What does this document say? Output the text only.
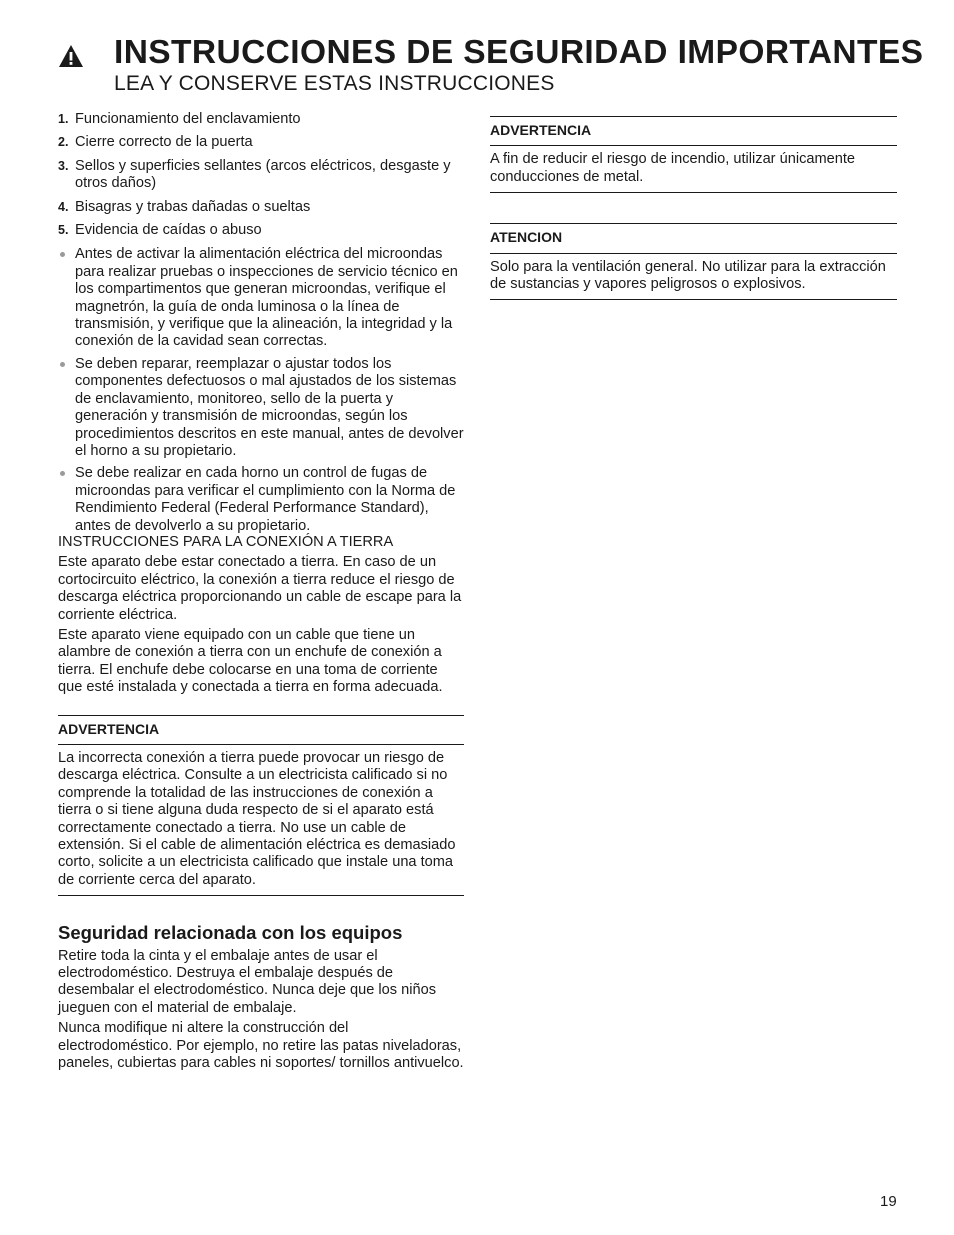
INSTRUCCIONES DE SEGURIDAD IMPORTANTES
LEA Y CONSERVE ESTAS INSTRUCCIONES
1. Funcionamiento del enclavamiento
2. Cierre correcto de la puerta
3. Sellos y superficies sellantes (arcos eléctricos, desgaste y otros daños)
4. Bisagras y trabas dañadas o sueltas
5. Evidencia de caídas o abuso
Antes de activar la alimentación eléctrica del microondas para realizar pruebas o inspecciones de servicio técnico en los compartimentos que generan microondas, verifique el magnetrón, la guía de onda luminosa o la línea de transmisión, y verifique que la alineación, la integridad y la conexión de la cavidad sean correctas.
Se deben reparar, reemplazar o ajustar todos los componentes defectuosos o mal ajustados de los sistemas de enclavamiento, monitoreo, sello de la puerta y generación y transmisión de microondas, según los procedimientos descritos en este manual, antes de devolver el horno a su propietario.
Se debe realizar en cada horno un control de fugas de microondas para verificar el cumplimiento con la Norma de Rendimiento Federal (Federal Performance Standard), antes de devolverlo a su propietario.

INSTRUCCIONES PARA LA CONEXIÓN A TIERRA

Este aparato debe estar conectado a tierra. En caso de un cortocircuito eléctrico, la conexión a tierra reduce el riesgo de descarga eléctrica proporcionando un cable de escape para la corriente eléctrica.

Este aparato viene equipado con un cable que tiene un alambre de conexión a tierra con un enchufe de conexión a tierra. El enchufe debe colocarse en una toma de corriente que esté instalada y conectada a tierra en forma adecuada.

ADVERTENCIA
La incorrecta conexión a tierra puede provocar un riesgo de descarga eléctrica. Consulte a un electricista calificado si no comprende la totalidad de las instrucciones de conexión a tierra o si tiene alguna duda respecto de si el aparato está correctamente conectado a tierra. No use un cable de extensión. Si el cable de alimentación eléctrica es demasiado corto, solicite a un electricista calificado que instale una toma de corriente cerca del aparato.
Seguridad relacionada con los equipos

Retire toda la cinta y el embalaje antes de usar el electrodoméstico. Destruya el embalaje después de desembalar el electrodoméstico. Nunca deje que los niños jueguen con el material de embalaje.

Nunca modifique ni altere la construcción del electrodoméstico. Por ejemplo, no retire las patas niveladoras, paneles, cubiertas para cables ni soportes/ tornillos antivuelco.

ADVERTENCIA
A fin de reducir el riesgo de incendio, utilizar únicamente conducciones de metal.
ATENCION
Solo para la ventilación general. No utilizar para la extracción de sustancias y vapores peligrosos o explosivos.
19
